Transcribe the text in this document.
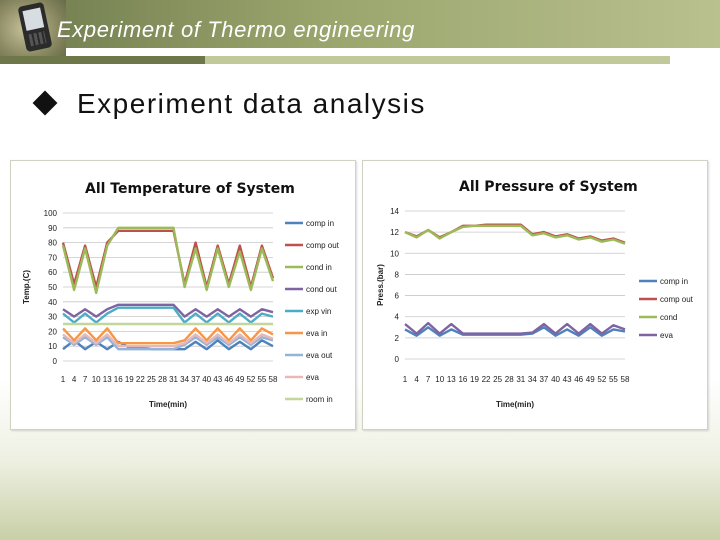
Experiment of Thermo engineering
Experiment data analysis
All Temperature of System
0
10
20
30
40
50
60
70
80
90
100
1 4 7 10 13 16 19 22 25 28 31 34 37 40 43 46 49 52 55 58
Time(min)
Temp.(C)
comp in
comp out
cond in
cond out
exp vin
eva in
eva out
eva
room in
All Pressure of System
0
2
4
6
8
10
12
14
1 4 7 10 13 16 19 22 25 28 31 34 37 40 43 46 49 52 55 58
Time(min)
Press.(bar)	comp in
comp out
cond
eva
